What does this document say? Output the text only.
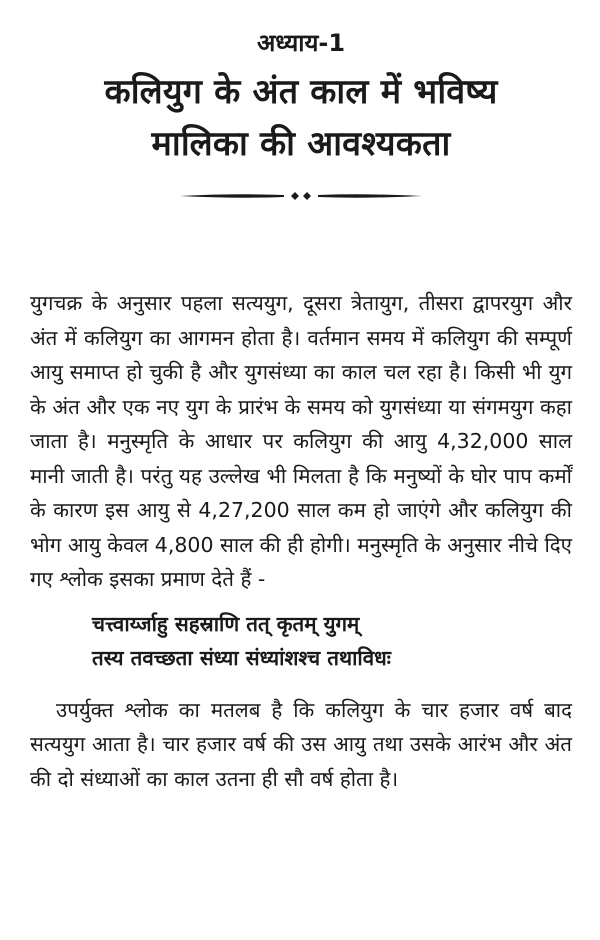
अध्याय-1

कलियुग के अंत काल में भविष्य
मालिका की आवश्यकता

युगचक्र के अनुसार पहला सत्ययुग, दूसरा त्रेतायुग, तीसरा द्वापरयुग और अंत में कलियुग का आगमन होता है। वर्तमान समय में कलियुग की सम्पूर्ण आयु समाप्त हो चुकी है और युगसंध्या का काल चल रहा है। किसी भी युग के अंत और एक नए युग के प्रारंभ के समय को युगसंध्या या संगमयुग कहा जाता है। मनुस्मृति के आधार पर कलियुग की आयु 4,32,000 साल मानी जाती है। परंतु यह उल्लेख भी मिलता है कि मनुष्यों के घोर पाप कर्मों के कारण इस आयु से 4,27,200 साल कम हो जाएंगे और कलियुग की भोग आयु केवल 4,800 साल की ही होगी। मनुस्मृति के अनुसार नीचे दिए गए श्लोक इसका प्रमाण देते हैं -

चत्त्वार्य्जाहु सहस्राणि तत् कृतम् युगम्
तस्य तवच्छता संध्या संध्यांशश्च तथाविधः

उपर्युक्त श्लोक का मतलब है कि कलियुग के चार हजार वर्ष बाद सत्ययुग आता है। चार हजार वर्ष की उस आयु तथा उसके आरंभ और अंत की दो संध्याओं का काल उतना ही सौ वर्ष होता है।
